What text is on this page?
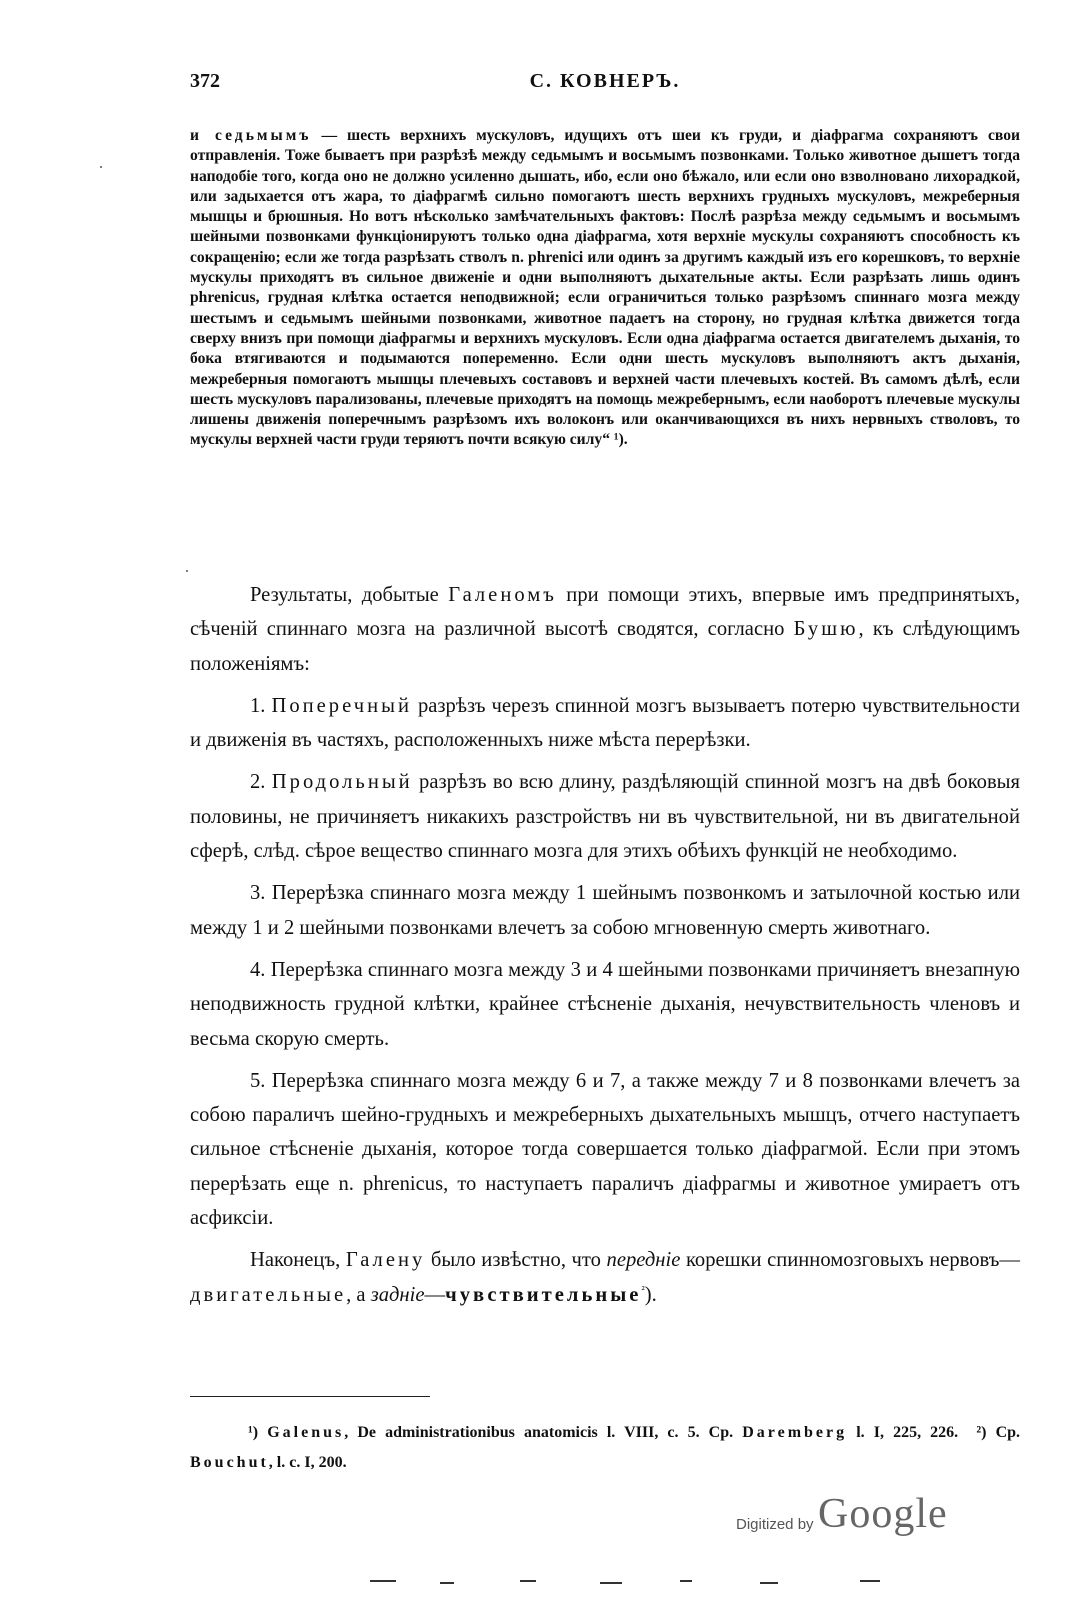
372	С. КОВНЕРЪ.

и седьмымъ — шесть верхнихъ мускуловъ, идущихъ отъ шеи къ груди, и діафрагма сохраняютъ свои отправленія. Тоже бываетъ при разрѣзѣ между седьмымъ и восьмымъ позвонками. Только животное дышетъ тогда наподобіе того, когда оно не должно усиленно дышать, ибо, если оно бѣжало, или если оно взволновано лихорадкой, или задыхается отъ жара, то діафрагмѣ сильно помогаютъ шесть верхнихъ грудныхъ мускуловъ, межреберныя мышцы и брюшныя. Но вотъ нѣсколько замѣчательныхъ фактовъ: Послѣ разрѣза между седьмымъ и восьмымъ шейными позвонками функціонируютъ только одна діафрагма, хотя верхніе мускулы сохраняютъ способность къ сокращенію; если же тогда разрѣзать стволъ n. phrenici или одинъ за другимъ каждый изъ его корешковъ, то верхніе мускулы приходятъ въ сильное движеніе и одни выполняютъ дыхательные акты. Если разрѣзать лишь одинъ phrenicus, грудная клѣтка остается неподвижной; если ограничиться только разрѣзомъ спиннаго мозга между шестымъ и седьмымъ шейными позвонками, животное падаетъ на сторону, но грудная клѣтка движется тогда сверху внизъ при помощи діафрагмы и верхнихъ мускуловъ. Если одна діафрагма остается двигателемъ дыханія, то бока втягиваются и подымаются попеременно. Если одни шесть мускуловъ выполняютъ актъ дыханія, межреберныя помогаютъ мышцы плечевыхъ составовъ и верхней части плечевыхъ костей. Въ самомъ дѣлѣ, если шесть мускуловъ парализованы, плечевые приходятъ на помощь межребернымъ, если наоборотъ плечевые мускулы лишены движенія поперечнымъ разрѣзомъ ихъ волоконъ или оканчивающихся въ нихъ нервныхъ стволовъ, то мускулы верхней части груди теряютъ почти всякую силу“ ¹).

Результаты, добытые Галеномъ при помощи этихъ, впервые имъ предпринятыхъ, сѣченій спиннаго мозга на различной высотѣ сводятся, согласно Бушю, къ слѣдующимъ положеніямъ:

1. Поперечный разрѣзъ черезъ спинной мозгъ вызываетъ потерю чувствительности и движенія въ частяхъ, расположенныхъ ниже мѣста перерѣзки.

2. Продольный разрѣзъ во всю длину, раздѣляющій спинной мозгъ на двѣ боковыя половины, не причиняетъ никакихъ разстройствъ ни въ чувствительной, ни въ двигательной сферѣ, слѣд. сѣрое вещество спиннаго мозга для этихъ обѣихъ функцій не необходимо.

3. Перерѣзка спиннаго мозга между 1 шейнымъ позвонкомъ и затылочной костью или между 1 и 2 шейными позвонками влечетъ за собою мгновенную смерть животнаго.

4. Перерѣзка спиннаго мозга между 3 и 4 шейными позвонками причиняетъ внезапную неподвижность грудной клѣтки, крайнее стѣсненіе дыханія, нечувствительность членовъ и весьма скорую смерть.

5. Перерѣзка спиннаго мозга между 6 и 7, а также между 7 и 8 позвонками влечетъ за собою параличъ шейно-грудныхъ и межреберныхъ дыхательныхъ мышцъ, отчего наступаетъ сильное стѣсненіе дыханія, которое тогда совершается только діафрагмой. Если при этомъ перерѣзать еще n. phrenicus, то наступаетъ параличъ діафрагмы и животное умираетъ отъ асфиксіи.

Наконецъ, Галену было извѣстно, что передніе корешки спинномозговыхъ нервовъ—двигательные, а задніе—чувствительные$^{^2}$).

¹) Galenus, De administrationibus anatomicis l. VIII, c. 5. Ср. Daremberg l. I, 225, 226. ²) Ср. Bouchut, l. c. I, 200.

Digitized by Google
